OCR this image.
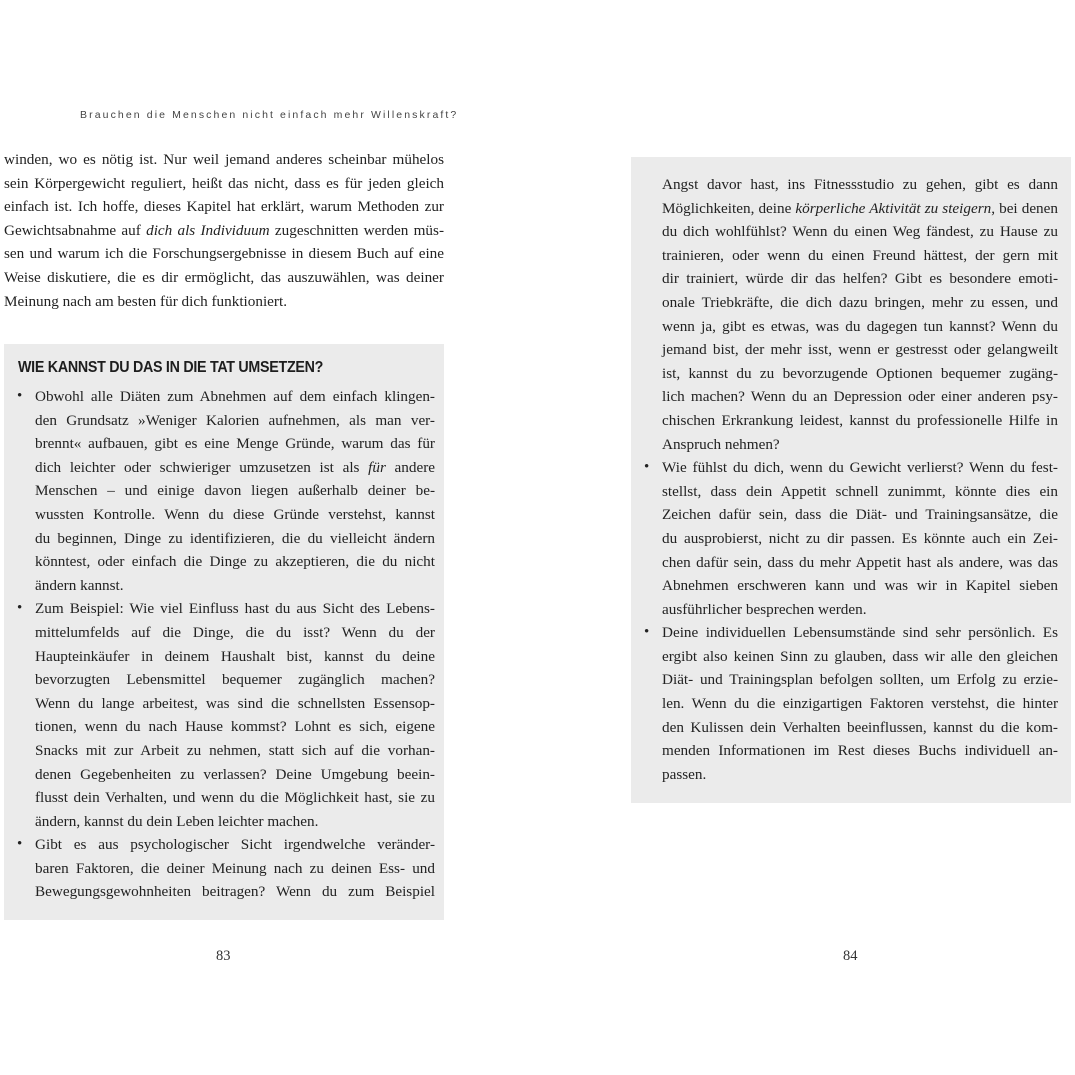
Brauchen die Menschen nicht einfach mehr Willenskraft?
winden, wo es nötig ist. Nur weil jemand anderes scheinbar mühelos
sein Körpergewicht reguliert, heißt das nicht, dass es für jeden gleich
einfach ist. Ich hoffe, dieses Kapitel hat erklärt, warum Methoden zur
Gewichtsabnahme auf dich als Individuum zugeschnitten werden müs-
sen und warum ich die Forschungsergebnisse in diesem Buch auf eine
Weise diskutiere, die es dir ermöglicht, das auszuwählen, was deiner
Meinung nach am besten für dich funktioniert.
WIE KANNST DU DAS IN DIE TAT UMSETZEN?
• Obwohl alle Diäten zum Abnehmen auf dem einfach klingen-
den Grundsatz »Weniger Kalorien aufnehmen, als man ver-
brennt« aufbauen, gibt es eine Menge Gründe, warum das für
dich leichter oder schwieriger umzusetzen ist als für andere
Menschen – und einige davon liegen außerhalb deiner be-
wussten Kontrolle. Wenn du diese Gründe verstehst, kannst
du beginnen, Dinge zu identifizieren, die du vielleicht ändern
könntest, oder einfach die Dinge zu akzeptieren, die du nicht
ändern kannst.
• Zum Beispiel: Wie viel Einfluss hast du aus Sicht des Lebens-
mittelumfelds auf die Dinge, die du isst? Wenn du der
Haupteinkäufer in deinem Haushalt bist, kannst du deine
bevorzugten Lebensmittel bequemer zugänglich machen?
Wenn du lange arbeitest, was sind die schnellsten Essensop-
tionen, wenn du nach Hause kommst? Lohnt es sich, eigene
Snacks mit zur Arbeit zu nehmen, statt sich auf die vorhan-
denen Gegebenheiten zu verlassen? Deine Umgebung beein-
flusst dein Verhalten, und wenn du die Möglichkeit hast, sie zu
ändern, kannst du dein Leben leichter machen.
• Gibt es aus psychologischer Sicht irgendwelche veränder-
baren Faktoren, die deiner Meinung nach zu deinen Ess- und
Bewegungsgewohnheiten beitragen? Wenn du zum Beispiel
Angst davor hast, ins Fitnessstudio zu gehen, gibt es dann
Möglichkeiten, deine körperliche Aktivität zu steigern, bei denen
du dich wohlfühlst? Wenn du einen Weg fändest, zu Hause zu
trainieren, oder wenn du einen Freund hättest, der gern mit
dir trainiert, würde dir das helfen? Gibt es besondere emoti-
onale Triebkräfte, die dich dazu bringen, mehr zu essen, und
wenn ja, gibt es etwas, was du dagegen tun kannst? Wenn du
jemand bist, der mehr isst, wenn er gestresst oder gelangweilt
ist, kannst du zu bevorzugende Optionen bequemer zugäng-
lich machen? Wenn du an Depression oder einer anderen psy-
chischen Erkrankung leidest, kannst du professionelle Hilfe in
Anspruch nehmen?
• Wie fühlst du dich, wenn du Gewicht verlierst? Wenn du fest-
stellst, dass dein Appetit schnell zunimmt, könnte dies ein
Zeichen dafür sein, dass die Diät- und Trainingsansätze, die
du ausprobierst, nicht zu dir passen. Es könnte auch ein Zei-
chen dafür sein, dass du mehr Appetit hast als andere, was das
Abnehmen erschweren kann und was wir in Kapitel sieben
ausführlicher besprechen werden.
• Deine individuellen Lebensumstände sind sehr persönlich. Es
ergibt also keinen Sinn zu glauben, dass wir alle den gleichen
Diät- und Trainingsplan befolgen sollten, um Erfolg zu erzie-
len. Wenn du die einzigartigen Faktoren verstehst, die hinter
den Kulissen dein Verhalten beeinflussen, kannst du die kom-
menden Informationen im Rest dieses Buchs individuell an-
passen.
83	84
